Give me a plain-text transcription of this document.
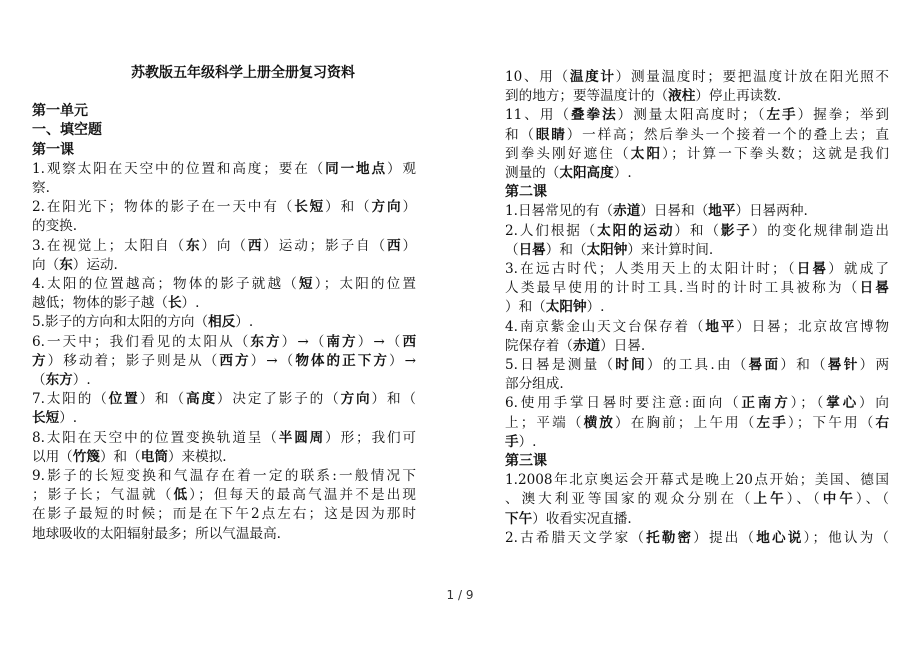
苏教版五年级科学上册全册复习资料
第一单元
一、填空题
第一课
1.观察太阳在天空中的位置和高度；要在（同一地点）观
察.
2.在阳光下；物体的影子在一天中有（长短）和（方向）
的变换.
3.在视觉上；太阳自（东）向（西）运动；影子自（西）
向（东）运动.
4.太阳的位置越高；物体的影子就越（短）；太阳的位置
越低；物体的影子越（长）.
5.影子的方向和太阳的方向（相反）.
6.一天中；我们看见的太阳从（东方）→（南方）→（西
方）移动着；影子则是从（西方）→（物体的正下方）→
（东方）.
7.太阳的（位置）和（高度）决定了影子的（方向）和（
长短）.
8.太阳在天空中的位置变换轨道呈（半圆周）形；我们可
以用（竹篾）和（电筒）来模拟.
9.影子的长短变换和气温存在着一定的联系:一般情况下
；影子长；气温就（低）；但每天的最高气温并不是出现
在影子最短的时候；而是在下午2点左右；这是因为那时
地球吸收的太阳辐射最多；所以气温最高.
10、用（温度计）测量温度时；要把温度计放在阳光照不
到的地方；要等温度计的（液柱）停止再读数.
11、用（叠拳法）测量太阳高度时；（左手）握拳；举到
和（眼睛）一样高；然后拳头一个接着一个的叠上去；直
到拳头刚好遮住（太阳）；计算一下拳头数；这就是我们
测量的（太阳高度）.
第二课
1.日晷常见的有（赤道）日晷和（地平）日晷两种.
2.人们根据（太阳的运动）和（影子）的变化规律制造出
（日晷）和（太阳钟）来计算时间.
3.在远古时代；人类用天上的太阳计时；（日晷）就成了
人类最早使用的计时工具.当时的计时工具被称为（日晷
）和（太阳钟）.
4.南京紫金山天文台保存着（地平）日晷；北京故宫博物
院保存着（赤道）日晷.
5.日晷是测量（时间）的工具.由（晷面）和（晷针）两
部分组成.
6.使用手掌日晷时要注意:面向（正南方）；（掌心）向
上；平端（横放）在胸前；上午用（左手）；下午用（右
手）.
第三课
1.2008年北京奥运会开幕式是晚上20点开始；美国、德国
、澳大利亚等国家的观众分别在（上午）、（中午）、（
下午）收看实况直播.
2.古希腊天文学家（托勒密）提出（地心说）；他认为（
1 / 9
